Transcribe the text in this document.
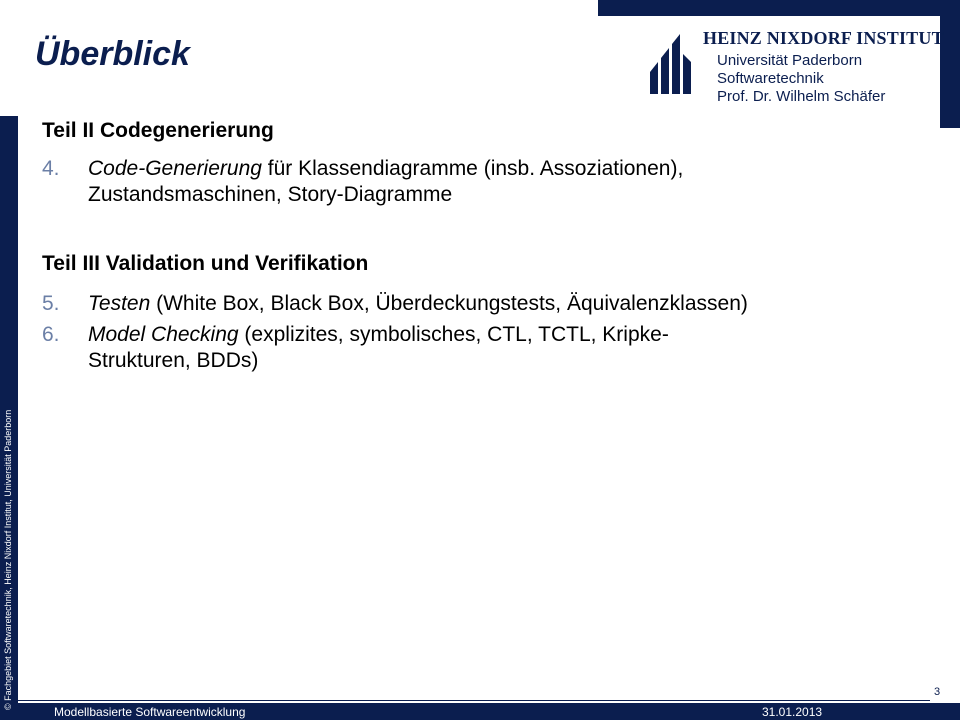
© Fachgebiet Softwaretechnik, Heinz Nixdorf Institut, Universität Paderborn
Überblick	HEINZ NIXDORF INSTITUT
Universität Paderborn
Softwaretechnik
Prof. Dr. Wilhelm Schäfer

Teil II Codegenerierung

4. Code-Generierung für Klassendiagramme (insb. Assoziationen),
Zustandsmaschinen, Story-Diagramme

Teil III Validation und Verifikation

5. Testen (White Box, Black Box, Überdeckungstests, Äquivalenzklassen)
6. Model Checking (explizites, symbolisches, CTL, TCTL, Kripke-
Strukturen, BDDs)
Modellbasierte Softwareentwicklung	31.01.2013
3
